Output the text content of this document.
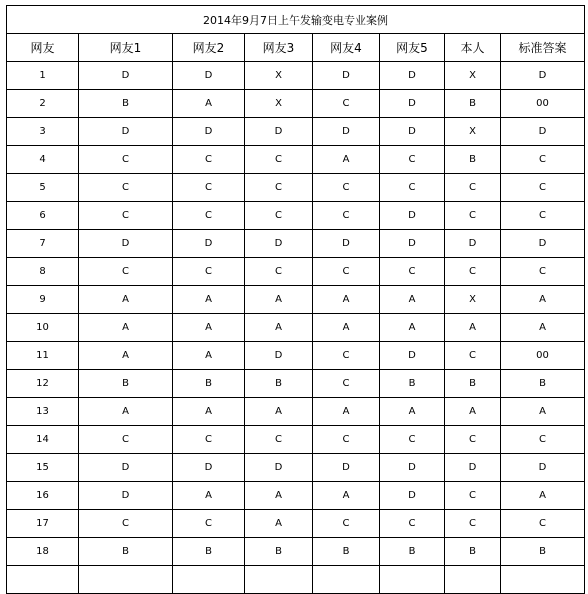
2014年9月7日上午发输变电专业案例							
网友	网友1	网友2	网友3	网友4	网友5	本人	标准答案
1	D	D	X	D	D	X	D
2	B	A	X	C	D	B	00
3	D	D	D	D	D	X	D
4	C	C	C	A	C	B	C
5	C	C	C	C	C	C	C
6	C	C	C	C	D	C	C
7	D	D	D	D	D	D	D
8	C	C	C	C	C	C	C
9	A	A	A	A	A	X	A
10	A	A	A	A	A	A	A
11	A	A	D	C	D	C	00
12	B	B	B	C	B	B	B
13	A	A	A	A	A	A	A
14	C	C	C	C	C	C	C
15	D	D	D	D	D	D	D
16	D	A	A	A	D	C	A
17	C	C	A	C	C	C	C
18	B	B	B	B	B	B	B
